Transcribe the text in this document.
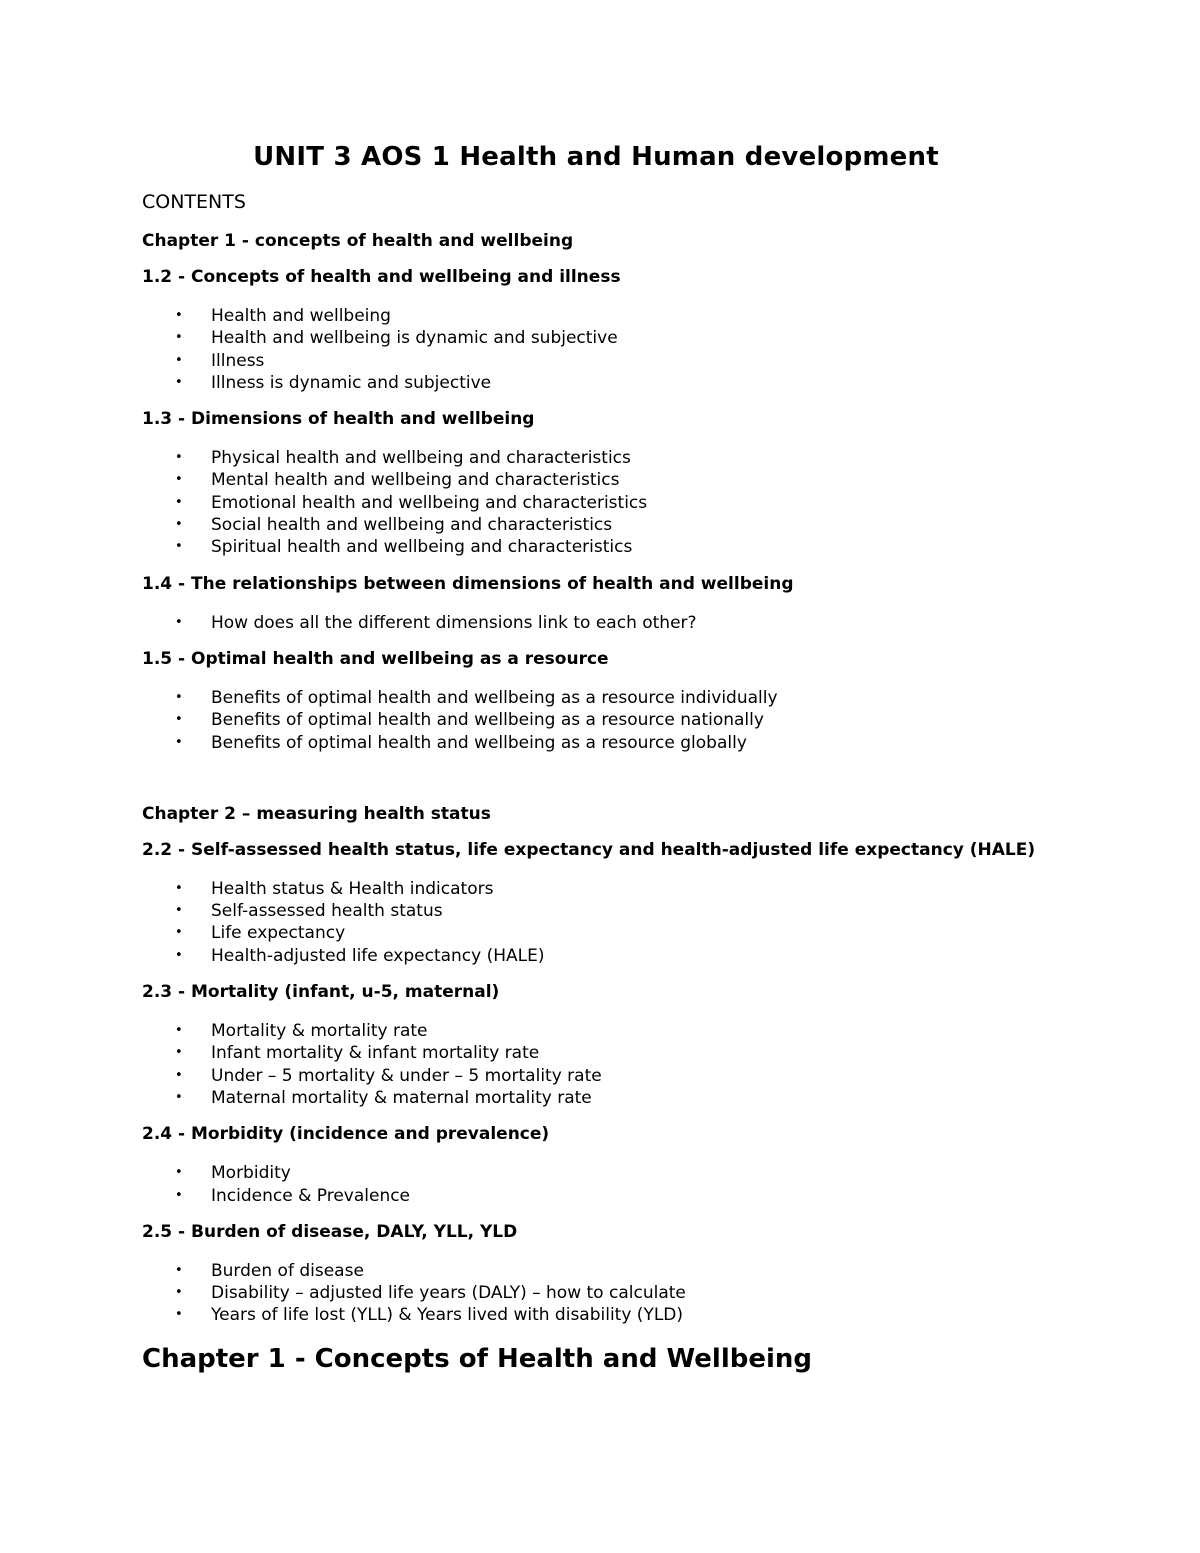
UNIT 3 AOS 1 Health and Human development

CONTENTS

Chapter 1 - concepts of health and wellbeing

1.2 - Concepts of health and wellbeing and illness

• Health and wellbeing
• Health and wellbeing is dynamic and subjective
• Illness
• Illness is dynamic and subjective

1.3 - Dimensions of health and wellbeing

• Physical health and wellbeing and characteristics
• Mental health and wellbeing and characteristics
• Emotional health and wellbeing and characteristics
• Social health and wellbeing and characteristics
• Spiritual health and wellbeing and characteristics

1.4 - The relationships between dimensions of health and wellbeing

• How does all the different dimensions link to each other?

1.5 - Optimal health and wellbeing as a resource

• Benefits of optimal health and wellbeing as a resource individually
• Benefits of optimal health and wellbeing as a resource nationally
• Benefits of optimal health and wellbeing as a resource globally

Chapter 2 – measuring health status

2.2 - Self-assessed health status, life expectancy and health-adjusted life expectancy (HALE)

• Health status & Health indicators
• Self-assessed health status
• Life expectancy
• Health-adjusted life expectancy (HALE)

2.3 - Mortality (infant, u-5, maternal)

• Mortality & mortality rate
• Infant mortality & infant mortality rate
• Under – 5 mortality & under – 5 mortality rate
• Maternal mortality & maternal mortality rate

2.4 - Morbidity (incidence and prevalence)

• Morbidity
• Incidence & Prevalence

2.5 - Burden of disease, DALY, YLL, YLD

• Burden of disease
• Disability – adjusted life years (DALY) – how to calculate
• Years of life lost (YLL) & Years lived with disability (YLD)
Chapter 1 - Concepts of Health and Wellbeing
